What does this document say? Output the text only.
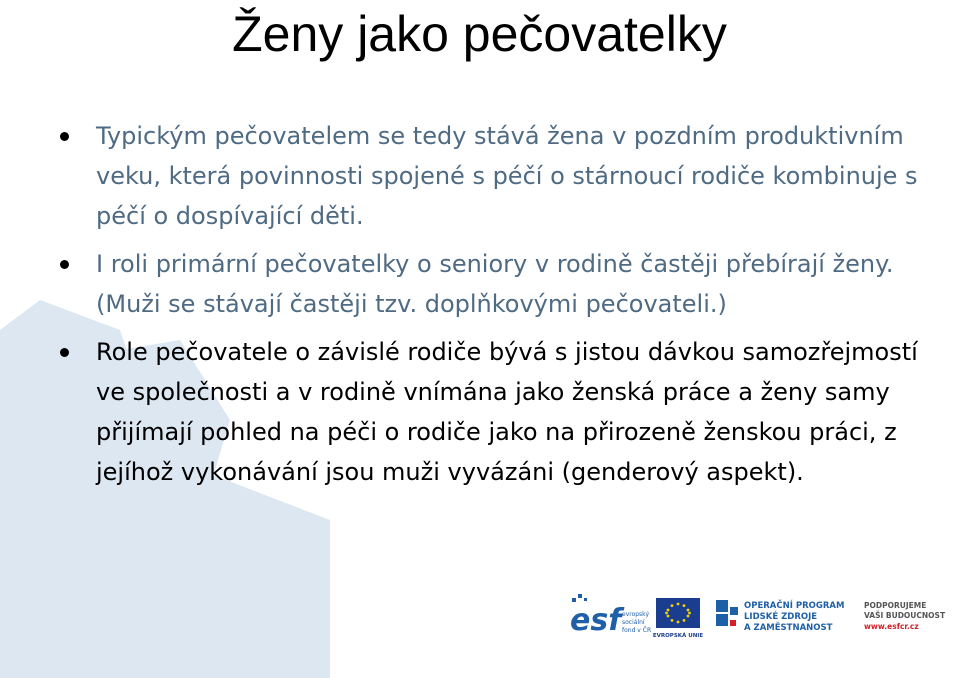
Ženy jako pečovatelky
Typickým pečovatelem se tedy stává žena v pozdním produktivním veku, která povinnosti spojené s péčí o stárnoucí rodiče kombinuje s péčí o dospívající děti.
I roli primární pečovatelky o seniory v rodině častěji přebírají ženy. (Muži se stávají častěji tzv. doplňkovými pečovateli.)
Role pečovatele o závislé rodiče bývá s jistou dávkou samozřejmostí ve společnosti a v rodině vnímána jako ženská práce a ženy samy přijímají pohled na péči o rodiče jako na přirozeně ženskou práci, z jejíhož vykonávání jsou muži vyvázáni (genderový aspekt).
esf evropský
sociální
fond v ČR
EVROPSKÁ UNIE
OPERAČNÍ PROGRAM
LIDSKÉ ZDROJE
A ZAMĚSTNANOST
PODPORUJEME
VAŠI BUDOUCNOST
www.esfcr.cz
